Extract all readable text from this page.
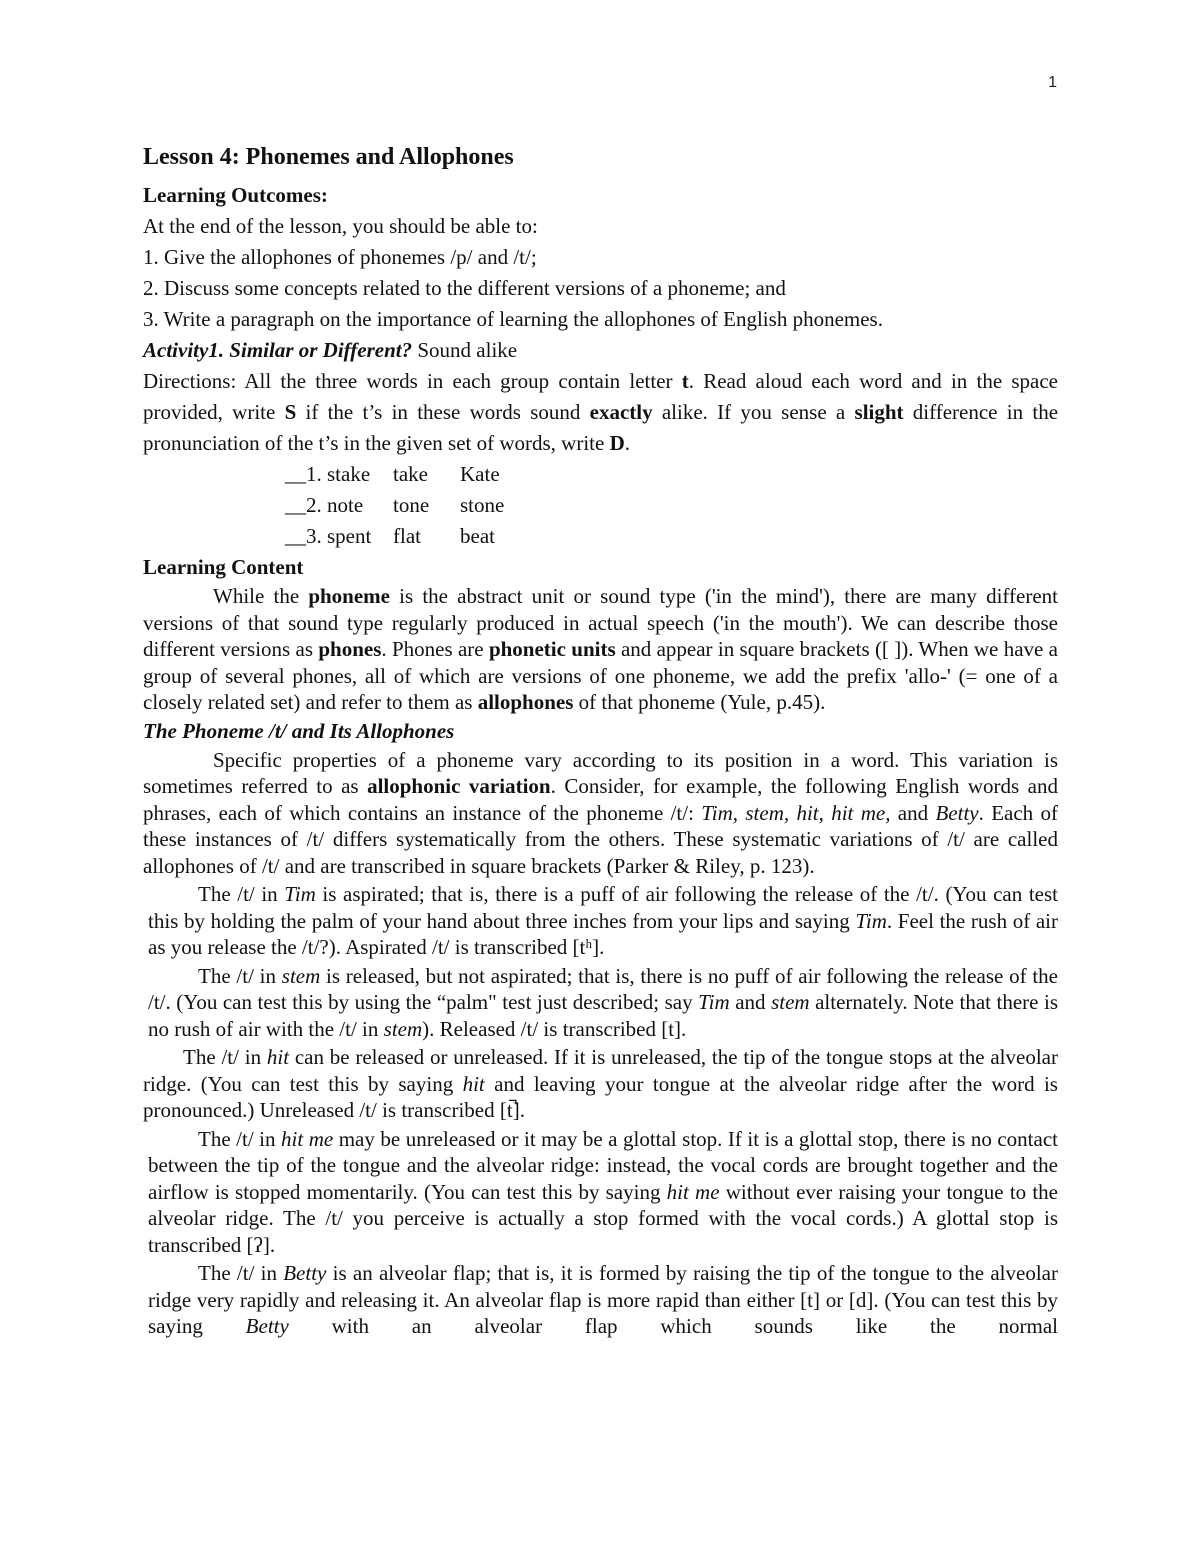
1
Lesson 4: Phonemes and Allophones
Learning Outcomes:
At the end of the lesson, you should be able to:
1. Give the allophones of phonemes /p/ and /t/;
2. Discuss some concepts related to the different versions of a phoneme; and
3. Write a paragraph on the importance of learning the allophones of English phonemes.
Activity1. Similar or Different? Sound alike
Directions: All the three words in each group contain letter t. Read aloud each word and in the space provided, write S if the t’s in these words sound exactly alike. If you sense a slight difference in the pronunciation of the t’s in the given set of words, write D.
__1. stake take Kate
__2. note tone stone
__3. spent flat beat
Learning Content
While the phoneme is the abstract unit or sound type ('in the mind'), there are many different versions of that sound type regularly produced in actual speech ('in the mouth'). We can describe those different versions as phones. Phones are phonetic units and appear in square brackets ([ ]). When we have a group of several phones, all of which are versions of one phoneme, we add the prefix 'allo-' (= one of a closely related set) and refer to them as allophones of that phoneme (Yule, p.45).
The Phoneme /t/ and Its Allophones
Specific properties of a phoneme vary according to its position in a word. This variation is sometimes referred to as allophonic variation. Consider, for example, the following English words and phrases, each of which contains an instance of the phoneme /t/: Tim, stem, hit, hit me, and Betty. Each of these instances of /t/ differs systematically from the others. These systematic variations of /t/ are called allophones of /t/ and are transcribed in square brackets (Parker & Riley, p. 123).
The /t/ in Tim is aspirated; that is, there is a puff of air following the release of the /t/. (You can test this by holding the palm of your hand about three inches from your lips and saying Tim. Feel the rush of air as you release the /t/?). Aspirated /t/ is transcribed [tʰ].
The /t/ in stem is released, but not aspirated; that is, there is no puff of air following the release of the /t/. (You can test this by using the “palm" test just described; say Tim and stem alternately. Note that there is no rush of air with the /t/ in stem). Released /t/ is transcribed [t].
The /t/ in hit can be released or unreleased. If it is unreleased, the tip of the tongue stops at the alveolar ridge. (You can test this by saying hit and leaving your tongue at the alveolar ridge after the word is pronounced.) Unreleased /t/ is transcribed [t̚].
The /t/ in hit me may be unreleased or it may be a glottal stop. If it is a glottal stop, there is no contact between the tip of the tongue and the alveolar ridge: instead, the vocal cords are brought together and the airflow is stopped momentarily. (You can test this by saying hit me without ever raising your tongue to the alveolar ridge. The /t/ you perceive is actually a stop formed with the vocal cords.) A glottal stop is transcribed [ʔ].
The /t/ in Betty is an alveolar flap; that is, it is formed by raising the tip of the tongue to the alveolar ridge very rapidly and releasing it. An alveolar flap is more rapid than either [t] or [d]. (You can test this by saying Betty with an alveolar flap which sounds like the normal
